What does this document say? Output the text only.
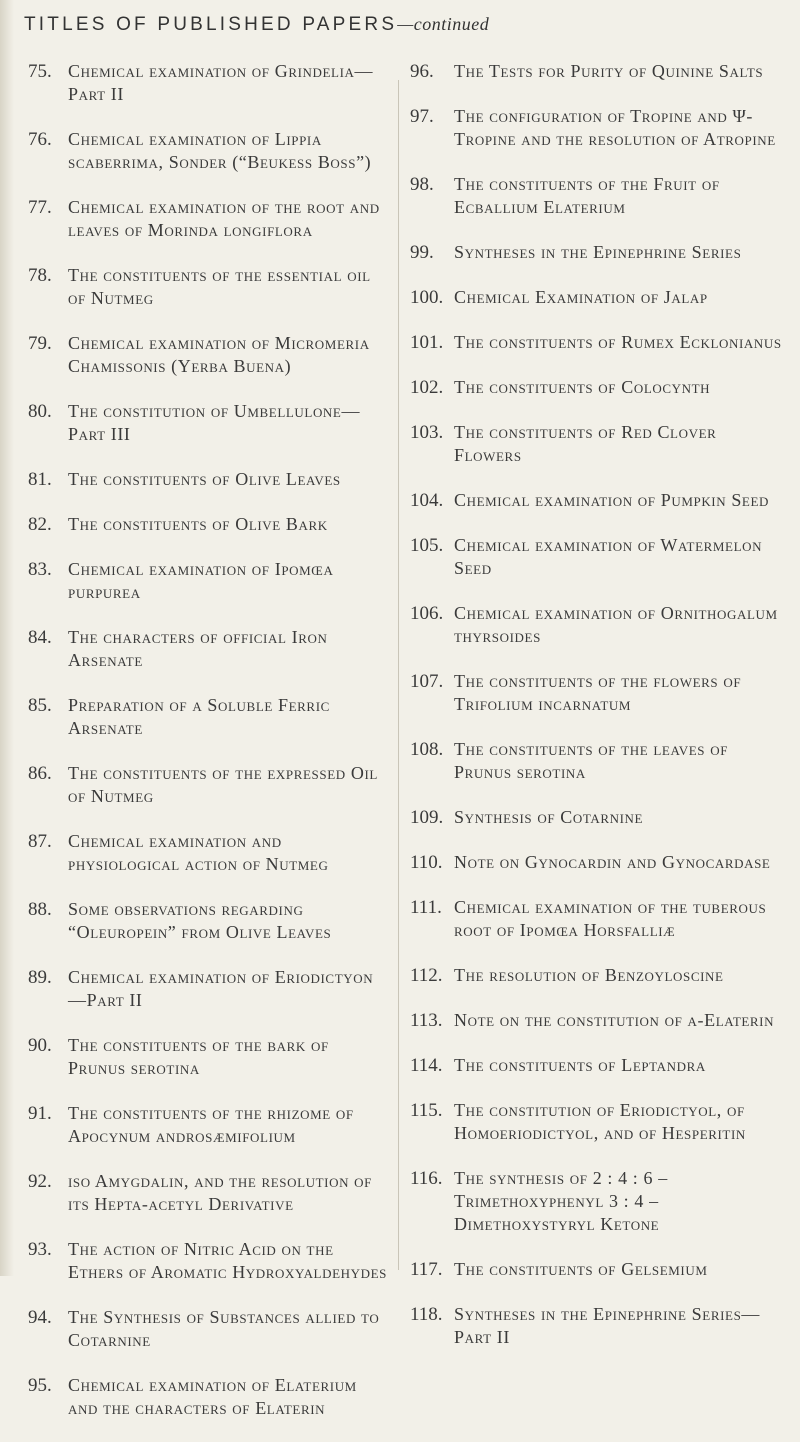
TITLES OF PUBLISHED PAPERS—continued
75. Chemical examination of Grindelia—Part II
76. Chemical examination of Lippia scaberrima, Sonder (“Beukess Boss”)
77. Chemical examination of the root and leaves of Morinda longiflora
78. The constituents of the essential oil of Nutmeg
79. Chemical examination of Micromeria Chamissonis (Yerba Buena)
80. The constitution of Umbellulone—Part III
81. The constituents of Olive Leaves
82. The constituents of Olive Bark
83. Chemical examination of Ipomœa purpurea
84. The characters of official Iron Arsenate
85. Preparation of a Soluble Ferric Arsenate
86. The constituents of the expressed Oil of Nutmeg
87. Chemical examination and physiological action of Nutmeg
88. Some observations regarding “Oleuropein” from Olive Leaves
89. Chemical examination of Eriodictyon—Part II
90. The constituents of the bark of Prunus serotina
91. The constituents of the rhizome of Apocynum androsæmifolium
92. iso Amygdalin, and the resolution of its Hepta-acetyl Derivative
93. The action of Nitric Acid on the Ethers of Aromatic Hydroxyaldehydes
94. The Synthesis of Substances allied to Cotarnine
95. Chemical examination of Elaterium and the characters of Elaterin
96.	The Tests for Purity of Quinine Salts
97.	The configuration of Tropine and Ψ-Tropine and the resolution of Atropine
98.	The constituents of the Fruit of Ecballium Elaterium
99.	Syntheses in the Epinephrine Series
100. Chemical Examination of Jalap
101. The constituents of Rumex Ecklonianus
102. The constituents of Colocynth
103. The constituents of Red Clover Flowers
104. Chemical examination of Pumpkin Seed
105. Chemical examination of Watermelon Seed
106. Chemical examination of Ornithogalum thyrsoides
107. The constituents of the flowers of Trifolium incarnatum
108. The constituents of the leaves of Prunus serotina
109. Synthesis of Cotarnine
110. Note on Gynocardin and Gynocardase
111. Chemical examination of the tuberous root of Ipomœa Horsfalliæ
112. The resolution of Benzoyloscine
113. Note on the constitution of α-Elaterin
114. The constituents of Leptandra
115. The constitution of Eriodictyol, of Homoeriodictyol, and of Hesperitin
116. The synthesis of 2 : 4 : 6 – Trimethoxyphenyl 3 : 4 – Dimethoxystyryl Ketone
117. The constituents of Gelsemium
118. Syntheses in the Epinephrine Series—Part II
